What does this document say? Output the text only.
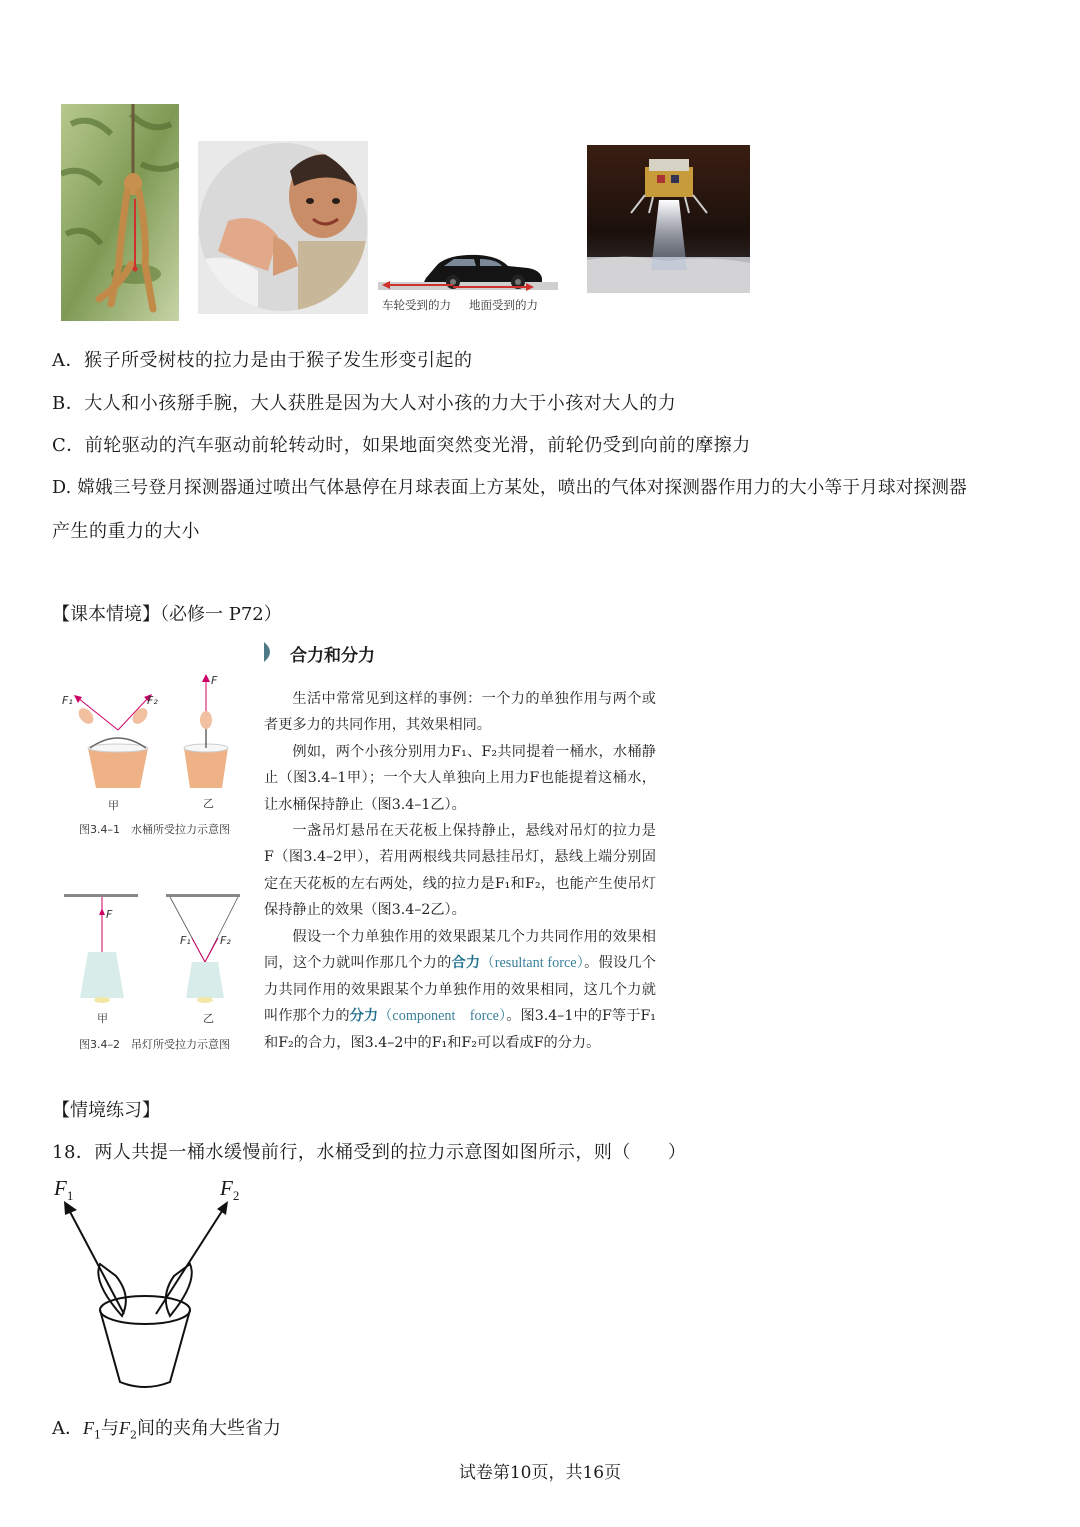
车轮受到的力 地面受到的力
A．猴子所受树枝的拉力是由于猴子发生形变引起的
B．大人和小孩掰手腕，大人获胜是因为大人对小孩的力大于小孩对大人的力
C．前轮驱动的汽车驱动前轮转动时，如果地面突然变光滑，前轮仍受到向前的摩擦力
D. 嫦娥三号登月探测器通过喷出气体悬停在月球表面上方某处，喷出的气体对探测器作用力的大小等于月球对探测器
产生的重力的大小
【课本情境】（必修一 P72）
合力和分力
F₁	F₂
F
甲	乙
图3.4–1　水桶所受拉力示意图
F
F₁	F₂
甲	乙
图3.4–2　吊灯所受拉力示意图
生活中常常见到这样的事例：一个力的单独作用与两个或者更多力的共同作用，其效果相同。
例如，两个小孩分别用力F₁、F₂共同提着一桶水，水桶静止（图3.4–1甲）；一个大人单独向上用力F也能提着这桶水，让水桶保持静止（图3.4–1乙）。
一盏吊灯悬吊在天花板上保持静止，悬线对吊灯的拉力是F（图3.4–2甲），若用两根线共同悬挂吊灯，悬线上端分别固定在天花板的左右两处，线的拉力是F₁和F₂，也能产生使吊灯保持静止的效果（图3.4–2乙）。
假设一个力单独作用的效果跟某几个力共同作用的效果相同，这个力就叫作那几个力的合力（resultant force）。假设几个力共同作用的效果跟某个力单独作用的效果相同，这几个力就叫作那个力的分力（component　force）。图3.4–1中的F等于F₁和F₂的合力，图3.4–2中的F₁和F₂可以看成F的分力。
【情境练习】
18．两人共提一桶水缓慢前行，水桶受到的拉力示意图如图所示，则（　　）
$F_1$	$F_2$
A．$F_1$与$F_2$间的夹角大些省力
试卷第10页，共16页
